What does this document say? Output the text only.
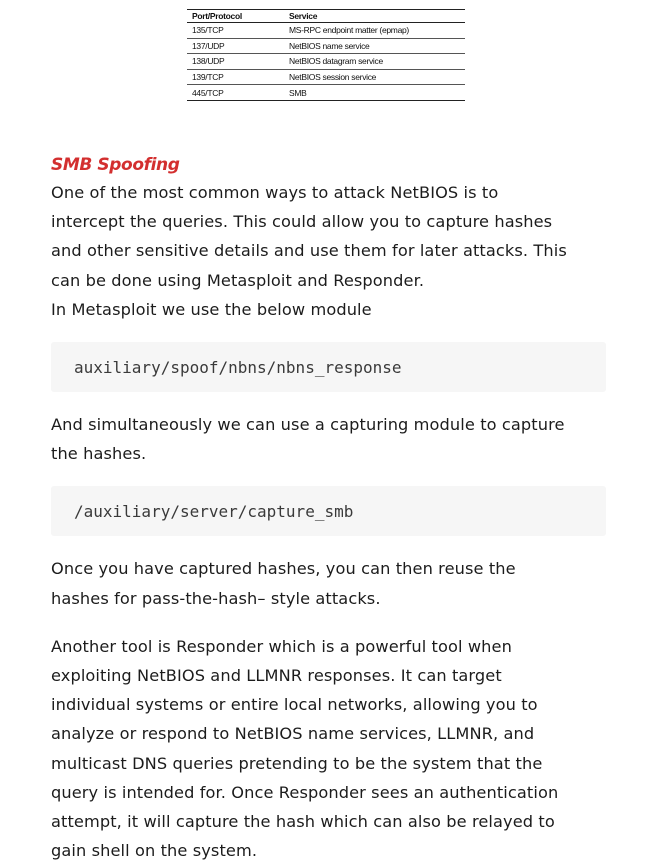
Port/Protocol	Service
135/TCP	MS-RPC endpoint matter (epmap)
137/UDP	NetBIOS name service
138/UDP	NetBIOS datagram service
139/TCP	NetBIOS session service
445/TCP	SMB
SMB Spoofing
One of the most common ways to attack NetBIOS is to
intercept the queries. This could allow you to capture hashes
and other sensitive details and use them for later attacks. This
can be done using Metasploit and Responder.
In Metasploit we use the below module
auxiliary/spoof/nbns/nbns_response
And simultaneously we can use a capturing module to capture
the hashes.
/auxiliary/server/capture_smb
Once you have captured hashes, you can then reuse the
hashes for pass-the-hash– style attacks.
Another tool is Responder which is a powerful tool when
exploiting NetBIOS and LLMNR responses. It can target
individual systems or entire local networks, allowing you to
analyze or respond to NetBIOS name services, LLMNR, and
multicast DNS queries pretending to be the system that the
query is intended for. Once Responder sees an authentication
attempt, it will capture the hash which can also be relayed to
gain shell on the system.
